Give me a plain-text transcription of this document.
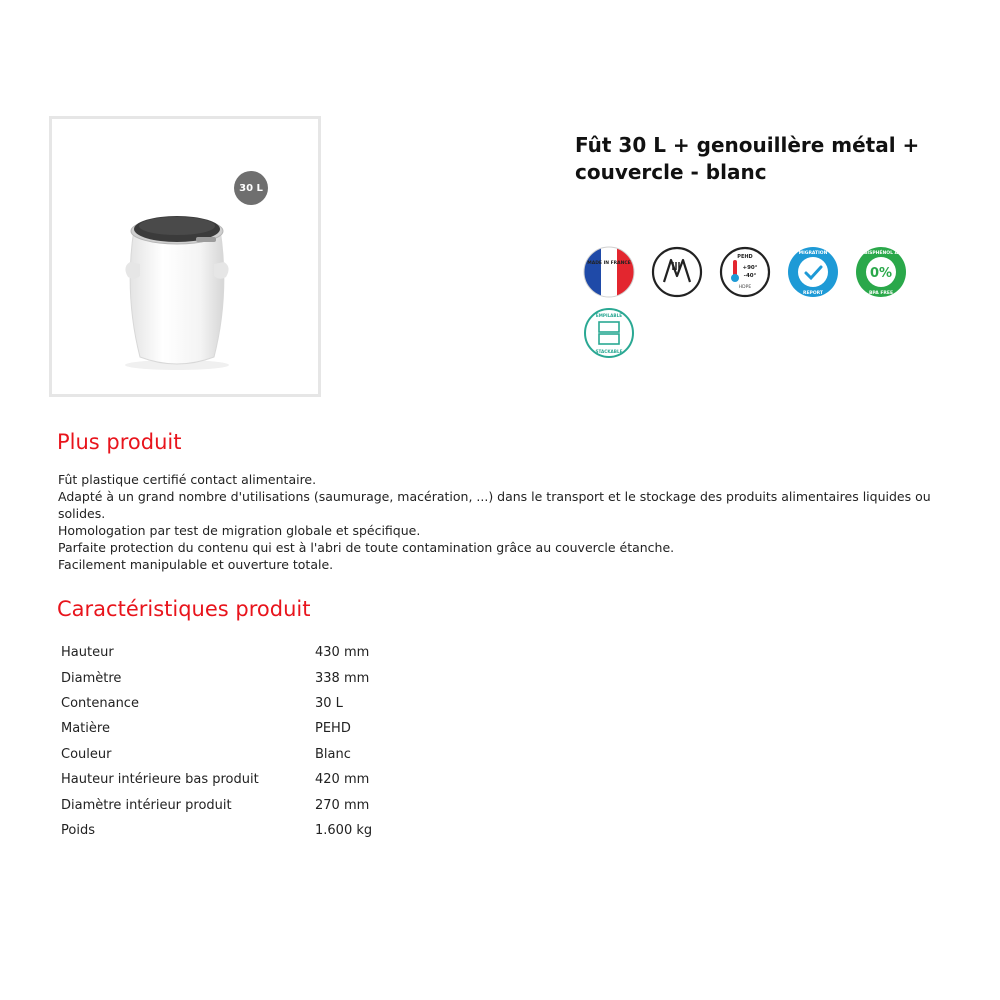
30 L
Fût 30 L + genouillère métal + couvercle - blanc
MADE IN FRANCE
PEHD
+90°
-40°
HDPE
MIGRATION
REPORT
0%
BISPHÉNOL A
BPA FREE
EMPILABLE
STACKABLE
Plus produit

Fût plastique certifié contact alimentaire.

Adapté à un grand nombre d'utilisations (saumurage, macération, ...) dans le transport et le stockage des produits alimentaires liquides ou solides.

Homologation par test de migration globale et spécifique.

Parfaite protection du contenu qui est à l'abri de toute contamination grâce au couvercle étanche.

Facilement manipulable et ouverture totale.

Caractéristiques produit
Hauteur	430 mm
Diamètre	338 mm
Contenance	30 L
Matière	PEHD
Couleur	Blanc
Hauteur intérieure bas produit	420 mm
Diamètre intérieur produit	270 mm
Poids	1.600 kg
